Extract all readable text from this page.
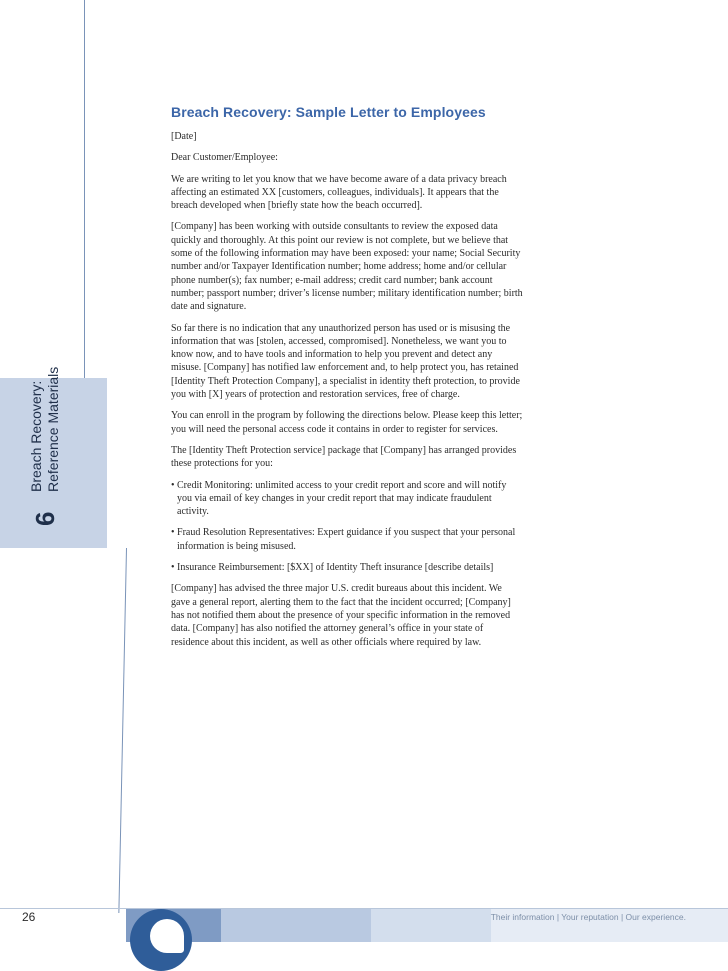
6
Breach Recovery: Reference Materials
Breach Recovery: Sample Letter to Employees

[Date]

Dear Customer/Employee:

We are writing to let you know that we have become aware of a data privacy breach affecting an estimated XX [customers, colleagues, individuals]. It appears that the breach developed when [briefly state how the beach occurred].

[Company] has been working with outside consultants to review the exposed data quickly and thoroughly. At this point our review is not complete, but we believe that some of the following information may have been exposed: your name; Social Security number and/or Taxpayer Identification number; home address; home and/or cellular phone number(s); fax number; e-mail address; credit card number; bank account number; passport number; driver’s license number; military identification number; birth date and signature.

So far there is no indication that any unauthorized person has used or is misusing the information that was [stolen, accessed, compromised]. Nonetheless, we want you to know now, and to have tools and information to help you prevent and detect any misuse. [Company] has notified law enforcement and, to help protect you, has retained [Identity Theft Protection Company], a specialist in identity theft protection, to provide you with [X] years of protection and restoration services, free of charge.

You can enroll in the program by following the directions below. Please keep this letter; you will need the personal access code it contains in order to register for services.

The [Identity Theft Protection service] package that [Company] has arranged provides these protections for you:

• Credit Monitoring: unlimited access to your credit report and score and will notify you via email of key changes in your credit report that may indicate fraudulent activity.

• Fraud Resolution Representatives: Expert guidance if you suspect that your personal information is being misused.

• Insurance Reimbursement: [$XX] of Identity Theft insurance [describe details]

[Company] has advised the three major U.S. credit bureaus about this incident. We gave a general report, alerting them to the fact that the incident occurred; [Company] has not notified them about the presence of your specific information in the removed data. [Company] has also notified the attorney general’s office in your state of residence about this incident, as well as other officials where required by law.

26	Their information | Your reputation | Our experience.
